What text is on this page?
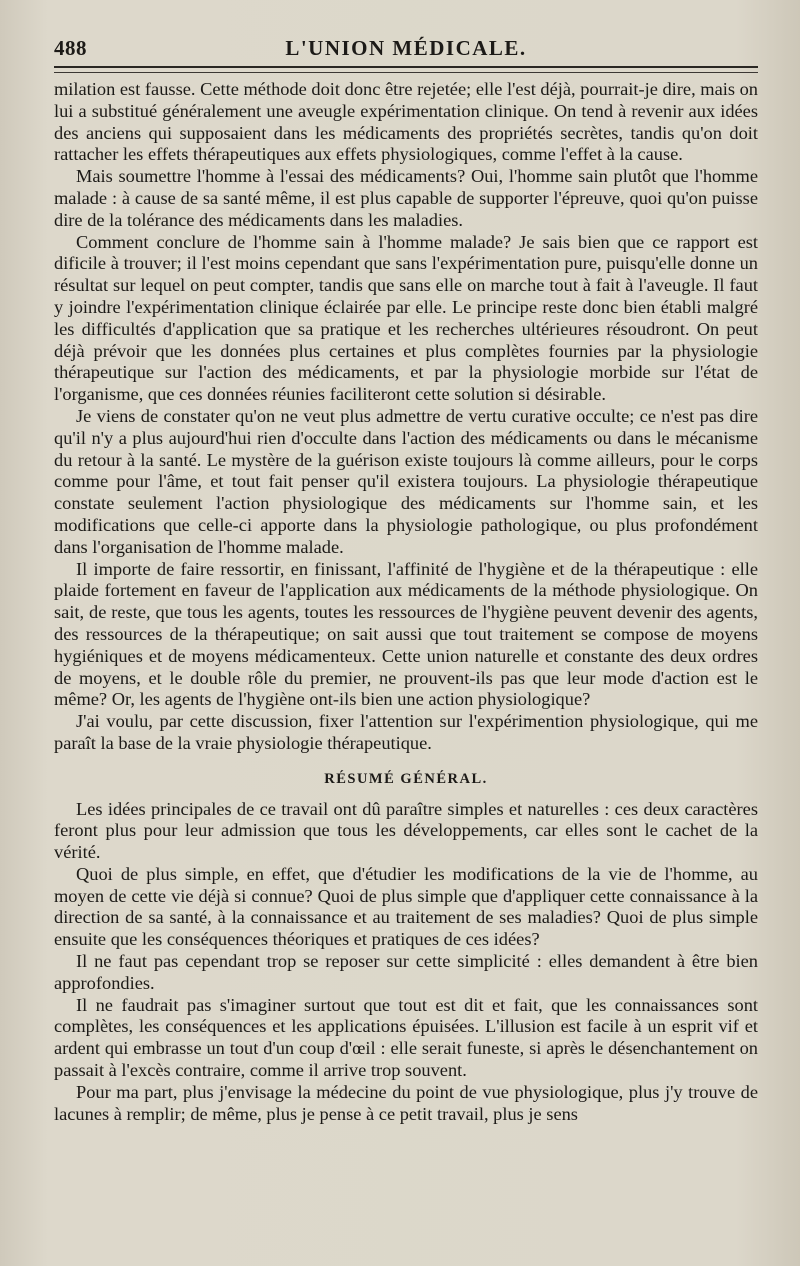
488	L'UNION MÉDICALE.

milation est fausse. Cette méthode doit donc être rejetée; elle l'est déjà, pourrait-je dire, mais on lui a substitué généralement une aveugle expérimentation clinique. On tend à revenir aux idées des anciens qui supposaient dans les médicaments des propriétés secrètes, tandis qu'on doit rattacher les effets thérapeutiques aux effets physiologiques, comme l'effet à la cause.

Mais soumettre l'homme à l'essai des médicaments? Oui, l'homme sain plutôt que l'homme malade : à cause de sa santé même, il est plus capable de supporter l'épreuve, quoi qu'on puisse dire de la tolérance des médicaments dans les maladies.

Comment conclure de l'homme sain à l'homme malade? Je sais bien que ce rapport est dificile à trouver; il l'est moins cependant que sans l'expérimentation pure, puisqu'elle donne un résultat sur lequel on peut compter, tandis que sans elle on marche tout à fait à l'aveugle. Il faut y joindre l'expérimentation clinique éclairée par elle. Le principe reste donc bien établi malgré les difficultés d'application que sa pratique et les recherches ultérieures résoudront. On peut déjà prévoir que les données plus certaines et plus complètes fournies par la physiologie thérapeutique sur l'action des médicaments, et par la physiologie morbide sur l'état de l'organisme, que ces données réunies faciliteront cette solution si désirable.

Je viens de constater qu'on ne veut plus admettre de vertu curative occulte; ce n'est pas dire qu'il n'y a plus aujourd'hui rien d'occulte dans l'action des médicaments ou dans le mécanisme du retour à la santé. Le mystère de la guérison existe toujours là comme ailleurs, pour le corps comme pour l'âme, et tout fait penser qu'il existera toujours. La physiologie thérapeutique constate seulement l'action physiologique des médicaments sur l'homme sain, et les modifications que celle-ci apporte dans la physiologie pathologique, ou plus profondément dans l'organisation de l'homme malade.

Il importe de faire ressortir, en finissant, l'affinité de l'hygiène et de la thérapeutique : elle plaide fortement en faveur de l'application aux médicaments de la méthode physiologique. On sait, de reste, que tous les agents, toutes les ressources de l'hygiène peuvent devenir des agents, des ressources de la thérapeutique; on sait aussi que tout traitement se compose de moyens hygiéniques et de moyens médicamenteux. Cette union naturelle et constante des deux ordres de moyens, et le double rôle du premier, ne prouvent-ils pas que leur mode d'action est le même? Or, les agents de l'hygiène ont-ils bien une action physiologique?

J'ai voulu, par cette discussion, fixer l'attention sur l'expérimention physiologique, qui me paraît la base de la vraie physiologie thérapeutique.

RÉSUMÉ GÉNÉRAL.

Les idées principales de ce travail ont dû paraître simples et naturelles : ces deux caractères feront plus pour leur admission que tous les développements, car elles sont le cachet de la vérité.

Quoi de plus simple, en effet, que d'étudier les modifications de la vie de l'homme, au moyen de cette vie déjà si connue? Quoi de plus simple que d'appliquer cette connaissance à la direction de sa santé, à la connaissance et au traitement de ses maladies? Quoi de plus simple ensuite que les conséquences théoriques et pratiques de ces idées?

Il ne faut pas cependant trop se reposer sur cette simplicité : elles demandent à être bien approfondies.

Il ne faudrait pas s'imaginer surtout que tout est dit et fait, que les connaissances sont complètes, les conséquences et les applications épuisées. L'illusion est facile à un esprit vif et ardent qui embrasse un tout d'un coup d'œil : elle serait funeste, si après le désenchantement on passait à l'excès contraire, comme il arrive trop souvent.

Pour ma part, plus j'envisage la médecine du point de vue physiologique, plus j'y trouve de lacunes à remplir; de même, plus je pense à ce petit travail, plus je sens
